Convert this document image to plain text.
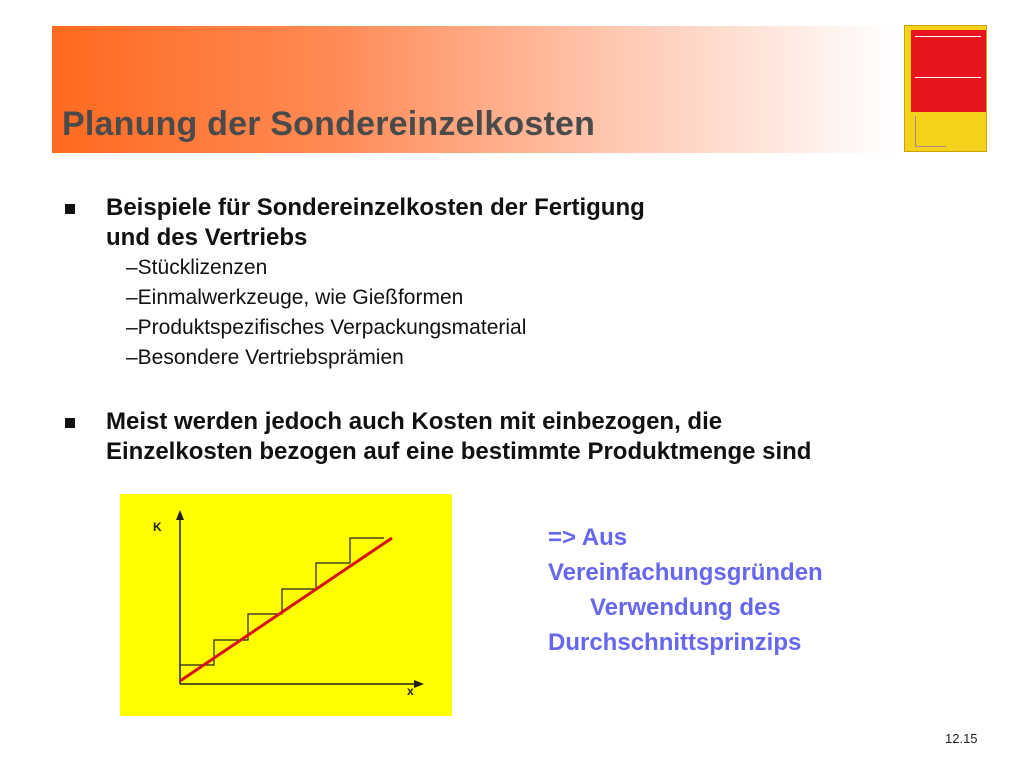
Planung der Sondereinzelkosten
Beispiele für Sondereinzelkosten der Fertigung
und des Vertriebs
–Stücklizenzen
–Einmalwerkzeuge, wie Gießformen
–Produktspezifisches Verpackungsmaterial
–Besondere Vertriebsprämien
Meist werden jedoch auch Kosten mit einbezogen, die
Einzelkosten bezogen auf eine bestimmte Produktmenge sind
K
x
=> Aus
Vereinfachungsgründen
Verwendung des
Durchschnittsprinzips
12.15
